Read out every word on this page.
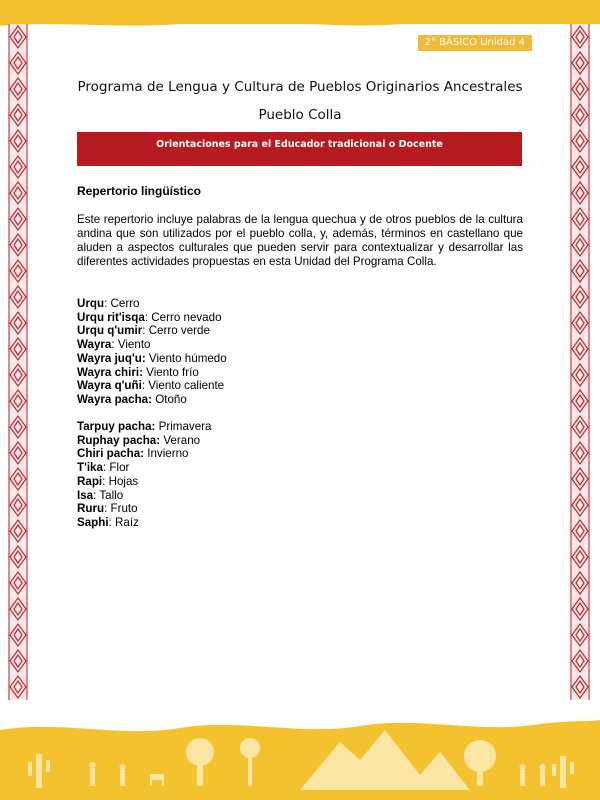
2° BÁSICO Unidad 4
Programa de Lengua y Cultura de Pueblos Originarios Ancestrales
Pueblo Colla
Orientaciones para el Educador tradicional o Docente
Repertorio lingüístico
Este repertorio incluye palabras de la lengua quechua y de otros pueblos de la cultura andina que son utilizados por el pueblo colla, y, además, términos en castellano que aluden a aspectos culturales que pueden servir para contextualizar y desarrollar las diferentes actividades propuestas en esta Unidad del Programa Colla.
Urqu: Cerro
Urqu rit'isqa: Cerro nevado
Urqu q'umir: Cerro verde
Wayra: Viento
Wayra juq'u: Viento húmedo
Wayra chiri: Viento frío
Wayra q'uñi: Viento caliente
Wayra pacha: Otoño
Tarpuy pacha: Primavera
Ruphay pacha: Verano
Chiri pacha: Invierno
T'ika: Flor
Rapi: Hojas
Isa: Tallo
Ruru: Fruto
Saphi: Raíz
